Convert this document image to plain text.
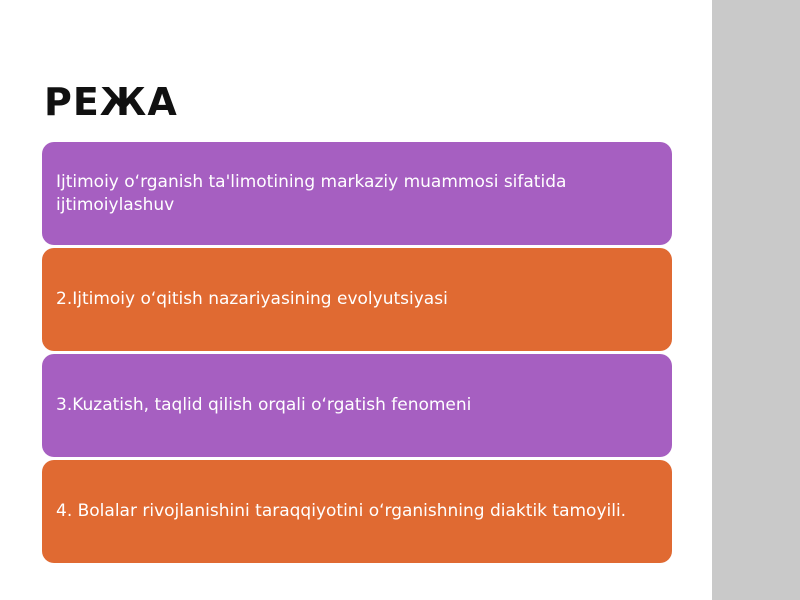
РЕЖА
Ijtimoiy o‘rganish ta'limotining markaziy muammosi sifatida ijtimoiylashuv
2.Ijtimoiy o‘qitish nazariyasining evolyutsiyasi
3.Kuzatish, taqlid qilish orqali o‘rgatish fenomeni
4. Bolalar rivojlanishini taraqqiyotini o‘rganishning diaktik tamoyili.
